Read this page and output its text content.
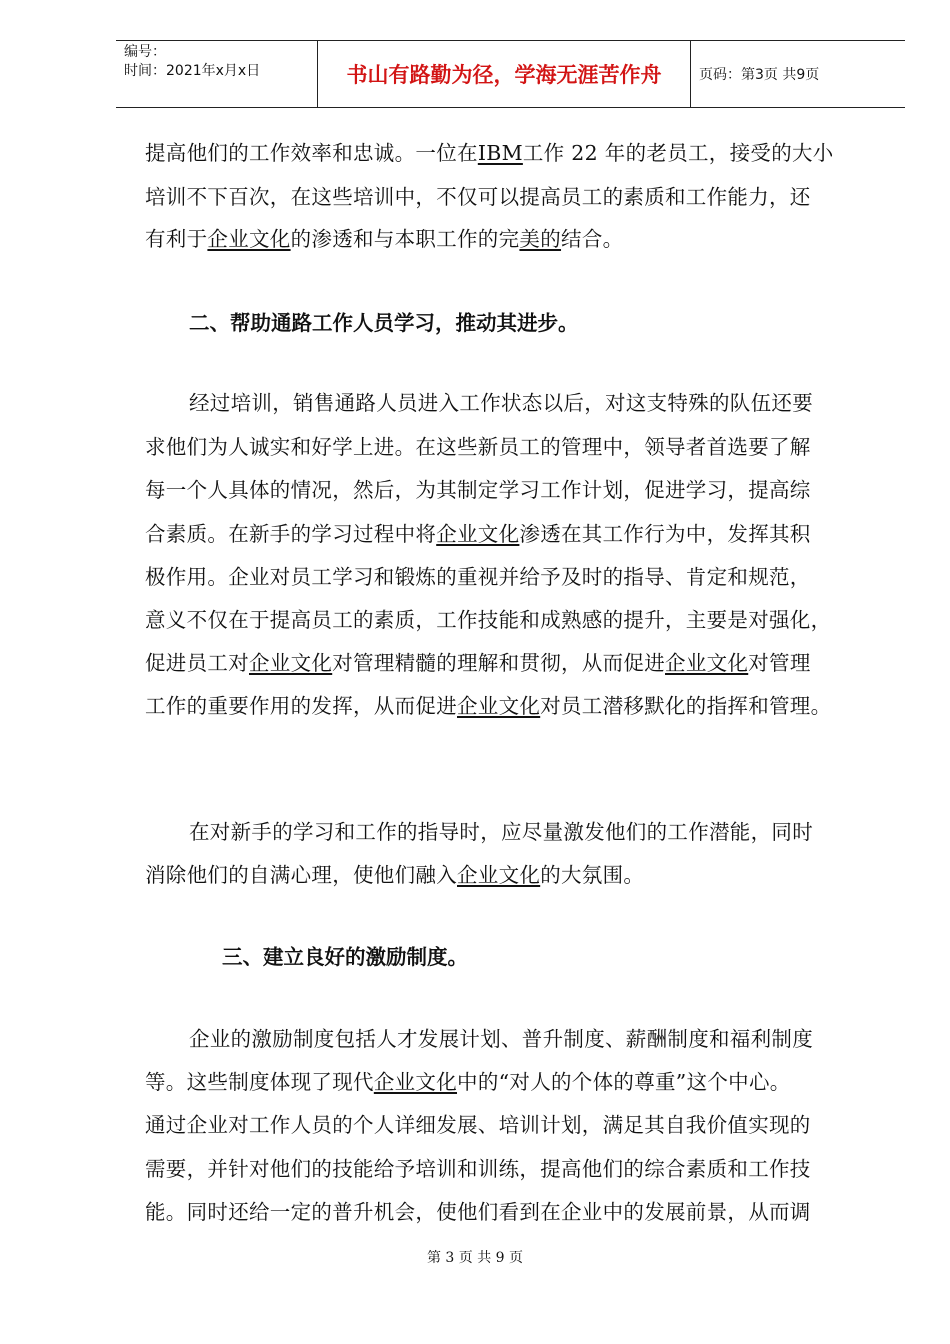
编号：
时间：2021年x月x日	书山有路勤为径，学海无涯苦作舟	页码：第3页 共9页
提高他们的工作效率和忠诚。一位在IBM工作 22 年的老员工，接受的大小
培训不下百次，在这些培训中，不仅可以提高员工的素质和工作能力，还
有利于企业文化的渗透和与本职工作的完美的结合。
二、帮助通路工作人员学习，推动其进步。
经过培训，销售通路人员进入工作状态以后，对这支特殊的队伍还要
求他们为人诚实和好学上进。在这些新员工的管理中，领导者首选要了解
每一个人具体的情况，然后，为其制定学习工作计划，促进学习，提高综
合素质。在新手的学习过程中将企业文化渗透在其工作行为中，发挥其积
极作用。企业对员工学习和锻炼的重视并给予及时的指导、肯定和规范，
意义不仅在于提高员工的素质，工作技能和成熟感的提升，主要是对强化，
促进员工对企业文化对管理精髓的理解和贯彻，从而促进企业文化对管理
工作的重要作用的发挥，从而促进企业文化对员工潜移默化的指挥和管理。
在对新手的学习和工作的指导时，应尽量激发他们的工作潜能，同时
消除他们的自满心理，使他们融入企业文化的大氛围。
三、建立良好的激励制度。
企业的激励制度包括人才发展计划、普升制度、薪酬制度和福利制度
等。这些制度体现了现代企业文化中的“对人的个体的尊重”这个中心。
通过企业对工作人员的个人详细发展、培训计划，满足其自我价值实现的
需要，并针对他们的技能给予培训和训练，提高他们的综合素质和工作技
能。同时还给一定的普升机会，使他们看到在企业中的发展前景，从而调
第 3 页 共 9 页
